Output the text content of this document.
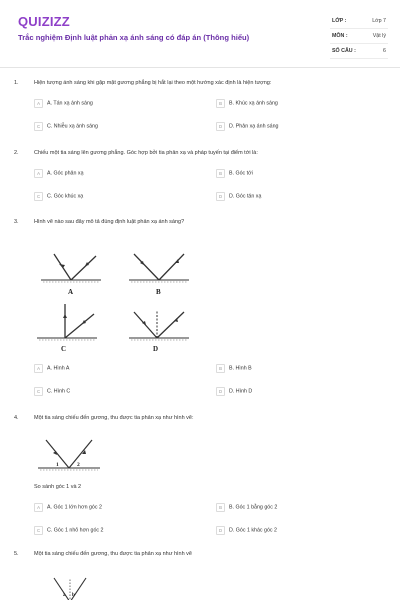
QUIZIZZ
Trắc nghiệm Định luật phản xạ ánh sáng có đáp án (Thông hiểu)
LỚP :	Lớp 7
MÔN :	Vật lý
SỐ CÂU :	6
1.	Hiện tượng ánh sáng khi gặp mặt gương phẳng bị hắt lại theo một hướng xác định là hiện tượng:
A A. Tán xạ ánh sáng	B B. Khúc xạ ánh sáng
C C. Nhiễu xạ ánh sáng	D D. Phản xạ ánh sáng
2.	Chiếu một tia sáng lên gương phẳng. Góc hợp bởi tia phản xạ và pháp tuyến tại điểm tới là:
A A. Góc phản xạ	B B. Góc tới
C C. Góc khúc xạ	D D. Góc tán xạ
3.	Hình vẽ nào sau đây mô tả đúng định luật phản xạ ánh sáng?
A	B
C	D
A A. Hình A	B B. Hình B
C C. Hình C	D D. Hình D
4.	Một tia sáng chiếu đến gương, thu được tia phản xạ như hình vẽ:
1	2
So sánh góc 1 và 2
A A. Góc 1 lớn hơn góc 2	B B. Góc 1 bằng góc 2
C C. Góc 1 nhỏ hơn góc 2	D D. Góc 1 khác góc 2
5.	Một tia sáng chiếu đến gương, thu được tia phản xạ như hình vẽ
a b
